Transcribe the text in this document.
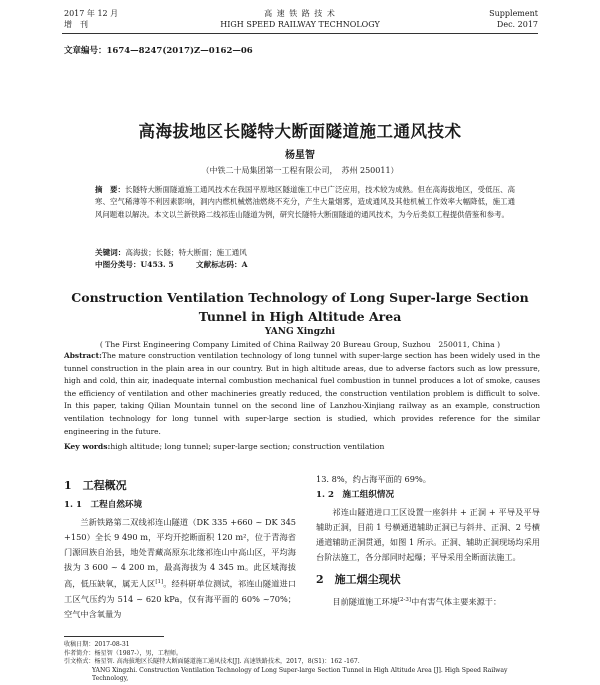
2017 年 12 月
增　刊
高 速 铁 路 技 术
HIGH SPEED RAILWAY TECHNOLOGY
Supplement
Dec. 2017
文章编号：1674—8247(2017)Z—0162—06
高海拔地区长隧特大断面隧道施工通风技术
杨星智
（中铁二十局集团第一工程有限公司，　苏州 250011）
摘　要：长隧特大断面隧道施工通风技术在我国平原地区隧道施工中已广泛应用，技术较为成熟。但在高海拔地区，受低压、高寒、空气稀薄等不利因素影响，洞内内燃机械燃油燃烧不充分，产生大量烟雾，造成通风及其他机械工作效率大幅降低，施工通风问题难以解决。本文以兰新铁路二线祁连山隧道为例，研究长隧特大断面隧道的通风技术，为今后类似工程提供借鉴和参考。
关键词：高海拔；长隧；特大断面；施工通风
中图分类号：U453. 5	文献标志码：A
Construction Ventilation Technology of Long Super-large Section Tunnel in High Altitude Area
YANG Xingzhi
( The First Engineering Company Limited of China Railway 20 Bureau Group, Suzhou　250011, China )
Abstract:The mature construction ventilation technology of long tunnel with super-large section has been widely used in the tunnel construction in the plain area in our country. But in high altitude areas, due to adverse factors such as low pressure, high and cold, thin air, inadequate internal combustion mechanical fuel combustion in tunnel produces a lot of smoke, causes the efficiency of ventilation and other machineries greatly reduced, the construction ventilation problem is difficult to solve. In this paper, taking Qilian Mountain tunnel on the second line of Lanzhou-Xinjiang railway as an example, construction ventilation technology for long tunnel with super-large section is studied, which provides reference for the similar engineering in the future.
Key words:high altitude; long tunnel; super-large section; construction ventilation
1　工程概况
1. 1　工程自然环境

兰新铁路第二双线祁连山隧道（DK 335 +660 ~ DK 345 +150）全长 9 490 m，平均开挖断面积 120 m²，位于青海省门源回族自治县，地处青藏高原东北缘祁连山中高山区，平均海拔为 3 600 ~ 4 200 m，最高海拔为 4 345 m。此区域海拔高，低压缺氧，属无人区[1]。经科研单位测试，祁连山隧道进口工区气压约为 514 ~ 620 kPa，仅有海平面的 60% ~70%；空气中含氧量为

13. 8%，约占海平面的 69%。

1. 2　施工组织情况

祁连山隧道进口工区设置一座斜井 + 正洞 + 平导及平导辅助正洞，目前 1 号横通道辅助正洞已与斜井、正洞、2 号横通道辅助正洞贯通，如图 1 所示。正洞、辅助正洞现场均采用台阶法施工，各分部同时起爆；平导采用全断面法施工。

2　施工烟尘现状

目前隧道施工环境[2-3]中有害气体主要来源于：

收稿日期：2017-08-31
作者简介：杨星智（1987-），男，工程师。
引文格式：杨星智. 高海拔地区长隧特大断面隧道施工通风技术[J]. 高速铁路技术，2017，8(S1)：162 -167.
YANG Xingzhi. Construction Ventilation Technology of Long Super-large Section Tunnel in High Altitude Area [J]. High Speed Railway Technology,
